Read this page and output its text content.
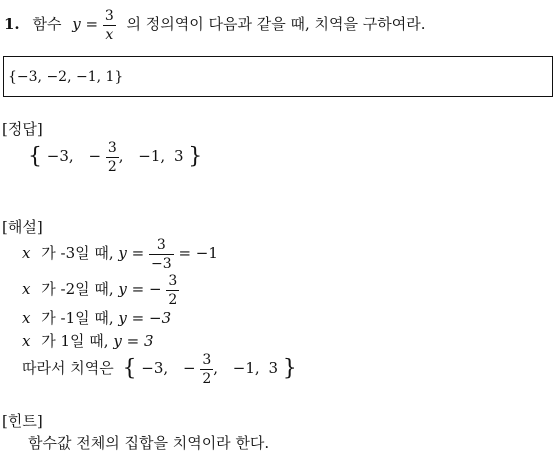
1. 함수 $y = \frac{3}{x}$ 의 정의역이 다음과 같을 때, 치역을 구하여라.
{−3, −2, −1, 1}
[정답]
{ −3, − $\frac{3}{2}$ , −1, 3 }
[해설]
x 가 -3일 때, $y = \frac{3}{-3} = -1$
x 가 -2일 때, y = − $\frac{3}{2}$
x 가 -1일 때, y = −3
x 가 1일 때, y = 3
따라서 치역은 { −3, − $\frac{3}{2}$ , −1, 3 }
[힌트]
함수값 전체의 집합을 치역이라 한다.
